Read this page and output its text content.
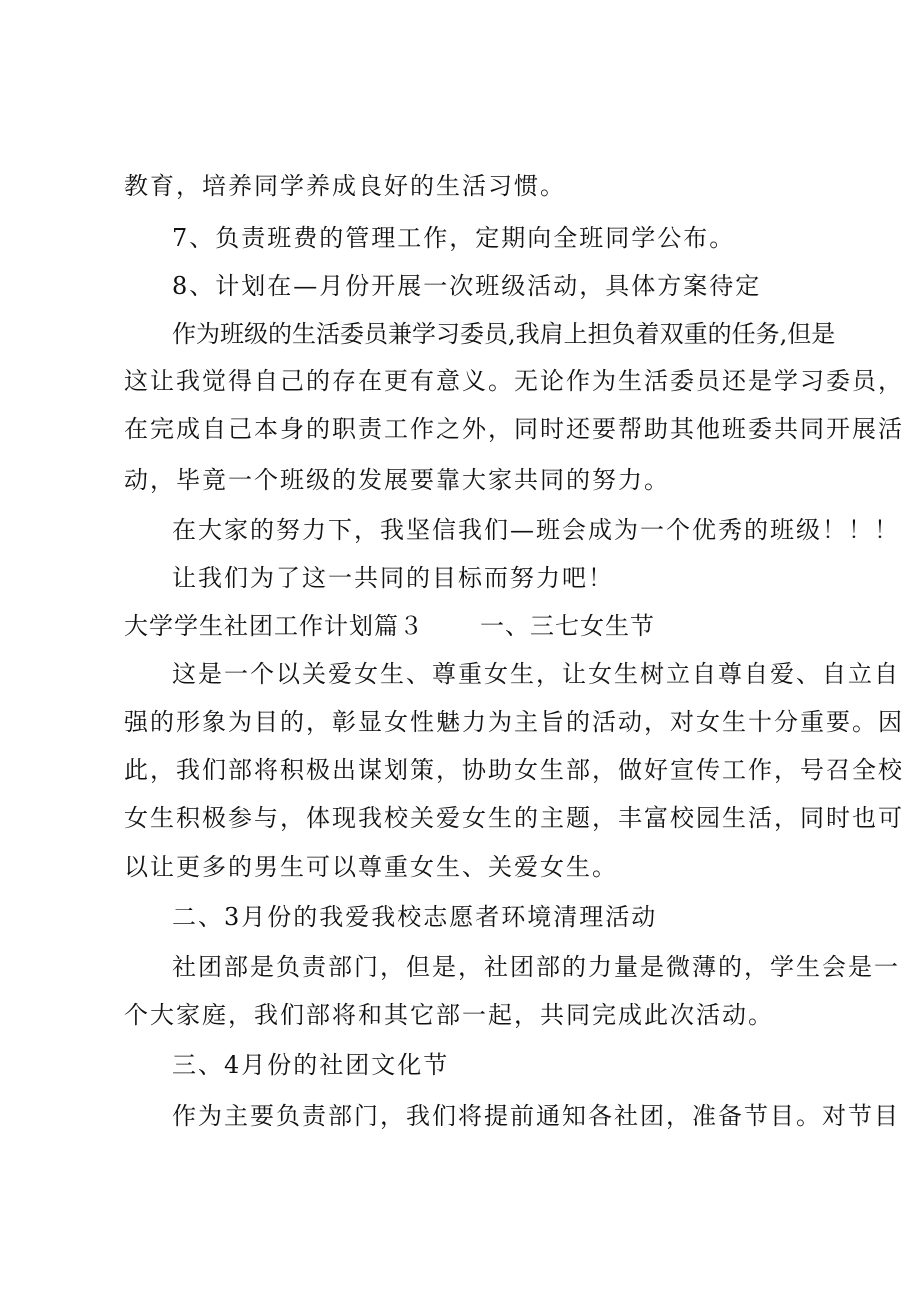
教育，培养同学养成良好的生活习惯。
7、负责班费的管理工作，定期向全班同学公布。
8、计划在—月份开展一次班级活动，具体方案待定
作为班级的生活委员兼学习委员,我肩上担负着双重的任务,但是
这让我觉得自己的存在更有意义。无论作为生活委员还是学习委员，
在完成自己本身的职责工作之外，同时还要帮助其他班委共同开展活
动，毕竟一个班级的发展要靠大家共同的努力。
在大家的努力下，我坚信我们—班会成为一个优秀的班级！！！
让我们为了这一共同的目标而努力吧！
大学学生社团工作计划篇３ 一、三七女生节
这是一个以关爱女生、尊重女生，让女生树立自尊自爱、自立自
强的形象为目的，彰显女性魅力为主旨的活动，对女生十分重要。因
此，我们部将积极出谋划策，协助女生部，做好宣传工作，号召全校
女生积极参与，体现我校关爱女生的主题，丰富校园生活，同时也可
以让更多的男生可以尊重女生、关爱女生。
二、3月份的我爱我校志愿者环境清理活动
社团部是负责部门，但是，社团部的力量是微薄的，学生会是一
个大家庭，我们部将和其它部一起，共同完成此次活动。
三、4月份的社团文化节
作为主要负责部门，我们将提前通知各社团，准备节目。对节目
